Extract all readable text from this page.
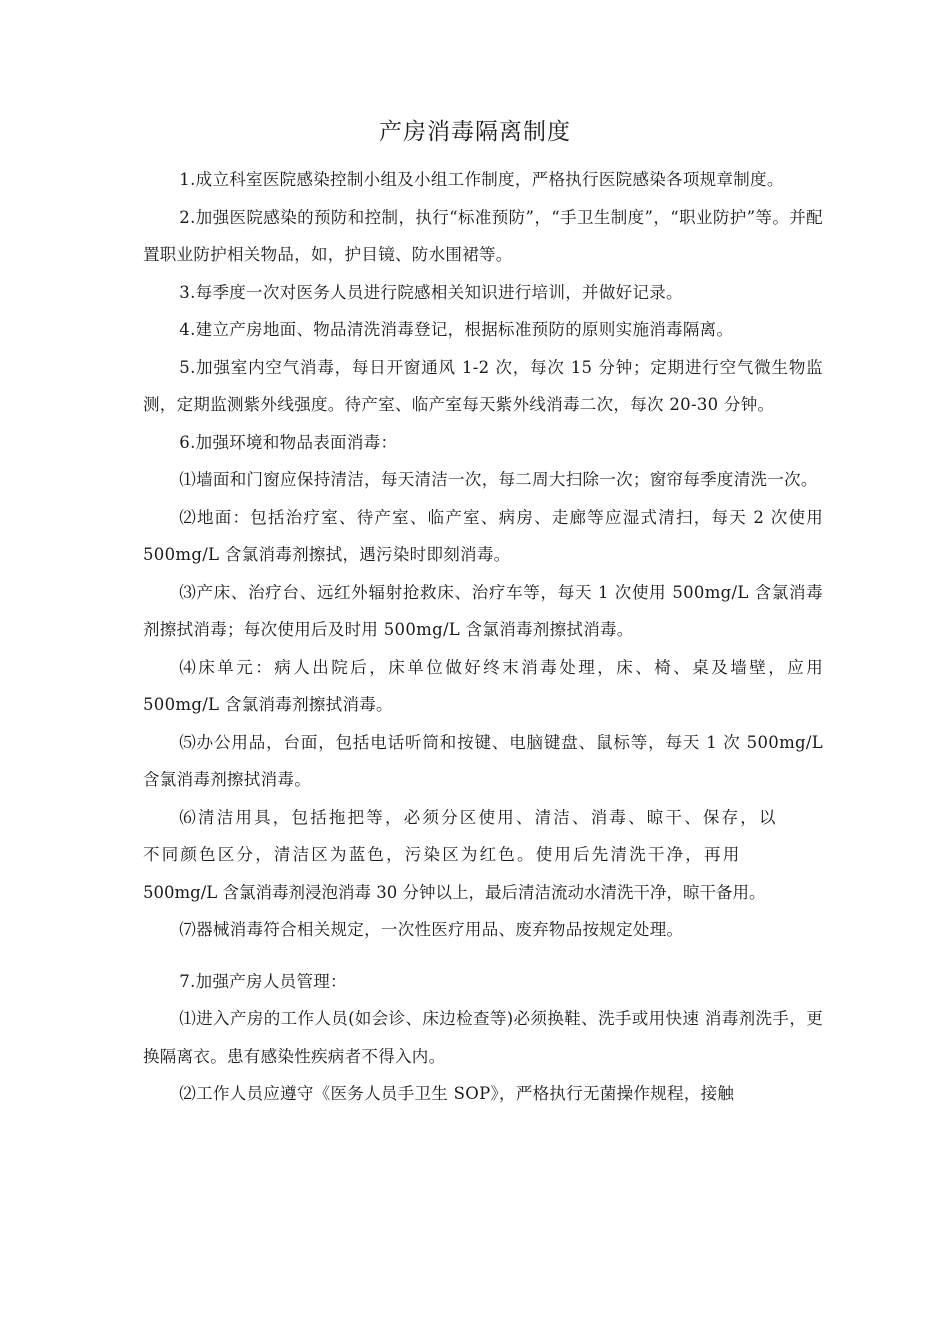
产房消毒隔离制度

1.成立科室医院感染控制小组及小组工作制度，严格执行医院感染各项规章制度。

2.加强医院感染的预防和控制，执行“标准预防”，“手卫生制度”，“职业防护”等。并配置职业防护相关物品，如，护目镜、防水围裙等。

3.每季度一次对医务人员进行院感相关知识进行培训，并做好记录。

4.建立产房地面、物品清洗消毒登记，根据标准预防的原则实施消毒隔离。

5.加强室内空气消毒，每日开窗通风 1-2 次，每次 15 分钟；定期进行空气微生物监测，定期监测紫外线强度。待产室、临产室每天紫外线消毒二次，每次 20-30 分钟。

6.加强环境和物品表面消毒：

⑴墙面和门窗应保持清洁，每天清洁一次，每二周大扫除一次；窗帘每季度清洗一次。

⑵地面：包括治疗室、待产室、临产室、病房、走廊等应湿式清扫，每天 2 次使用 500mg/L 含氯消毒剂擦拭，遇污染时即刻消毒。

⑶产床、治疗台、远红外辐射抢救床、治疗车等，每天 1 次使用 500mg/L 含氯消毒剂擦拭消毒；每次使用后及时用 500mg/L 含氯消毒剂擦拭消毒。

⑷床单元：病人出院后，床单位做好终末消毒处理，床、椅、桌及墙壁，应用 500mg/L 含氯消毒剂擦拭消毒。

⑸办公用品，台面，包括电话听筒和按键、电脑键盘、鼠标等，每天 1 次 500mg/L 含氯消毒剂擦拭消毒。

⑹清洁用具，包括拖把等，必须分区使用、清洁、消毒、晾干、保存，以

不同颜色区分，清洁区为蓝色，污染区为红色。使用后先清洗干净，再用

500mg/L 含氯消毒剂浸泡消毒 30 分钟以上，最后清洁流动水清洗干净，晾干备用。

⑺器械消毒符合相关规定，一次性医疗用品、废弃物品按规定处理。

7.加强产房人员管理：

⑴进入产房的工作人员(如会诊、床边检查等)必须换鞋、洗手或用快速 消毒剂洗手，更换隔离衣。患有感染性疾病者不得入内。

⑵工作人员应遵守《医务人员手卫生 SOP》，严格执行无菌操作规程，接触
